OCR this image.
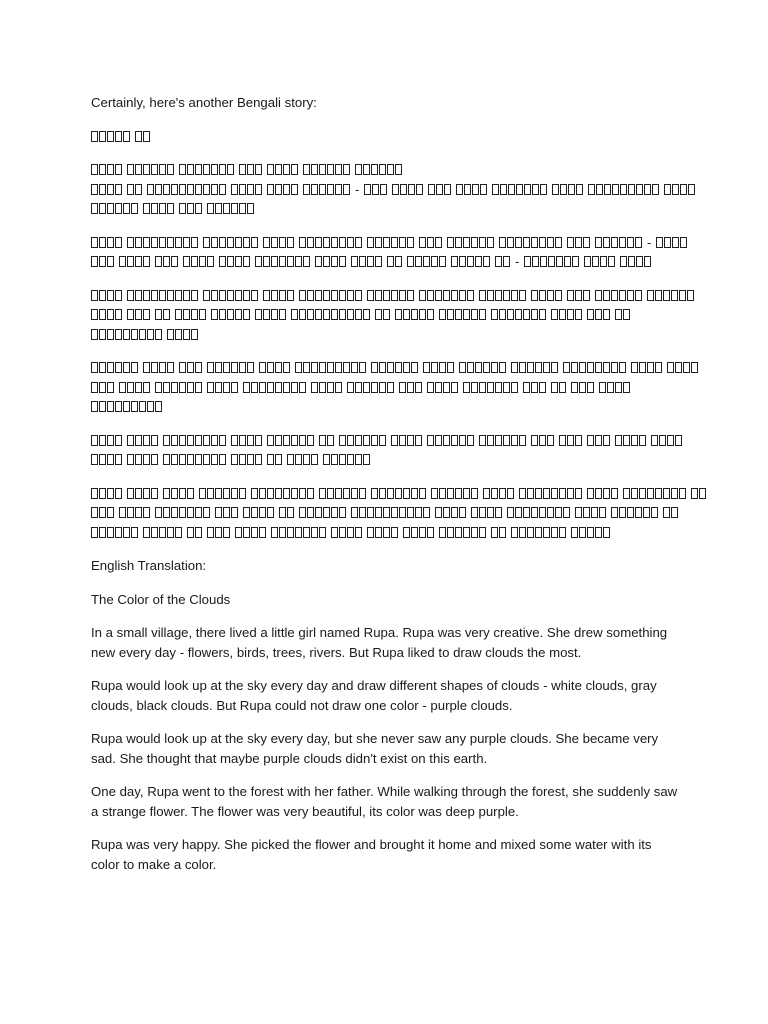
Certainly, here's another Bengali story:

-
-
-

English Translation:

The Color of the Clouds

In a small village, there lived a little girl named Rupa. Rupa was very creative. She drew something new every day - flowers, birds, trees, rivers. But Rupa liked to draw clouds the most.

Rupa would look up at the sky every day and draw different shapes of clouds - white clouds, gray clouds, black clouds. But Rupa could not draw one color - purple clouds.

Rupa would look up at the sky every day, but she never saw any purple clouds. She became very sad. She thought that maybe purple clouds didn't exist on this earth.

One day, Rupa went to the forest with her father. While walking through the forest, she suddenly saw a strange flower. The flower was very beautiful, its color was deep purple.

Rupa was very happy. She picked the flower and brought it home and mixed some water with its color to make a color.
